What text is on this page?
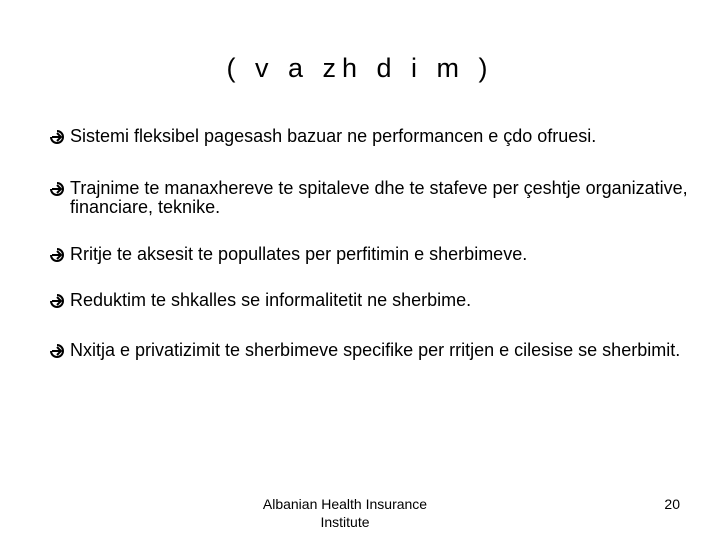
( v a zh d i m )
Sistemi fleksibel pagesash bazuar ne performancen e çdo ofruesi.
Trajnime te manaxhereve te spitaleve dhe te stafeve per çeshtje organizative, financiare, teknike.
Rritje te aksesit te popullates per perfitimin e sherbimeve.
Reduktim te shkalles se informalitetit ne sherbime.
Nxitja e privatizimit te sherbimeve specifike per rritjen e cilesise se sherbimit.
Albanian Health Insurance Institute
20
